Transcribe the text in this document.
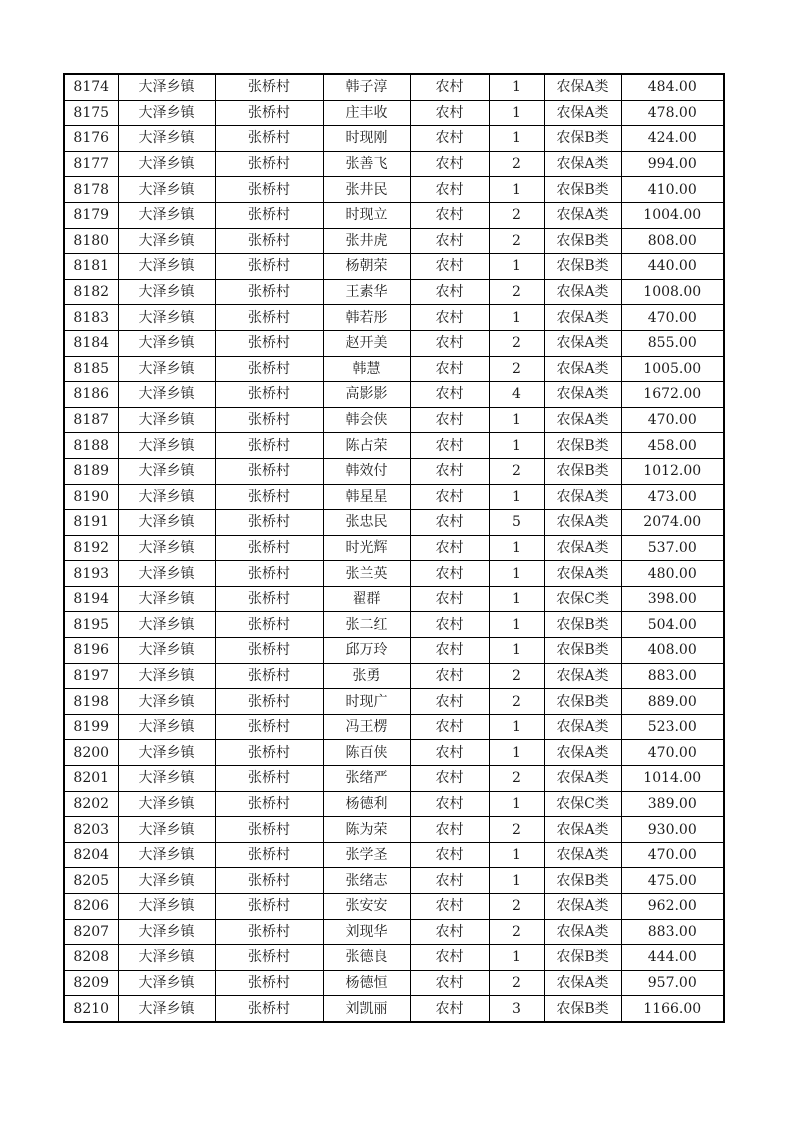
8174	大泽乡镇	张桥村	韩子淳	农村	1	农保A类	484.00
8175	大泽乡镇	张桥村	庄丰收	农村	1	农保A类	478.00
8176	大泽乡镇	张桥村	时现刚	农村	1	农保B类	424.00
8177	大泽乡镇	张桥村	张善飞	农村	2	农保A类	994.00
8178	大泽乡镇	张桥村	张井民	农村	1	农保B类	410.00
8179	大泽乡镇	张桥村	时现立	农村	2	农保A类	1004.00
8180	大泽乡镇	张桥村	张井虎	农村	2	农保B类	808.00
8181	大泽乡镇	张桥村	杨朝荣	农村	1	农保B类	440.00
8182	大泽乡镇	张桥村	王素华	农村	2	农保A类	1008.00
8183	大泽乡镇	张桥村	韩若彤	农村	1	农保A类	470.00
8184	大泽乡镇	张桥村	赵开美	农村	2	农保A类	855.00
8185	大泽乡镇	张桥村	韩慧	农村	2	农保A类	1005.00
8186	大泽乡镇	张桥村	高影影	农村	4	农保A类	1672.00
8187	大泽乡镇	张桥村	韩会侠	农村	1	农保A类	470.00
8188	大泽乡镇	张桥村	陈占荣	农村	1	农保B类	458.00
8189	大泽乡镇	张桥村	韩效付	农村	2	农保B类	1012.00
8190	大泽乡镇	张桥村	韩星星	农村	1	农保A类	473.00
8191	大泽乡镇	张桥村	张忠民	农村	5	农保A类	2074.00
8192	大泽乡镇	张桥村	时光辉	农村	1	农保A类	537.00
8193	大泽乡镇	张桥村	张兰英	农村	1	农保A类	480.00
8194	大泽乡镇	张桥村	翟群	农村	1	农保C类	398.00
8195	大泽乡镇	张桥村	张二红	农村	1	农保B类	504.00
8196	大泽乡镇	张桥村	邱万玲	农村	1	农保B类	408.00
8197	大泽乡镇	张桥村	张勇	农村	2	农保A类	883.00
8198	大泽乡镇	张桥村	时现广	农村	2	农保B类	889.00
8199	大泽乡镇	张桥村	冯王楞	农村	1	农保A类	523.00
8200	大泽乡镇	张桥村	陈百侠	农村	1	农保A类	470.00
8201	大泽乡镇	张桥村	张绪严	农村	2	农保A类	1014.00
8202	大泽乡镇	张桥村	杨德利	农村	1	农保C类	389.00
8203	大泽乡镇	张桥村	陈为荣	农村	2	农保A类	930.00
8204	大泽乡镇	张桥村	张学圣	农村	1	农保A类	470.00
8205	大泽乡镇	张桥村	张绪志	农村	1	农保B类	475.00
8206	大泽乡镇	张桥村	张安安	农村	2	农保A类	962.00
8207	大泽乡镇	张桥村	刘现华	农村	2	农保A类	883.00
8208	大泽乡镇	张桥村	张德良	农村	1	农保B类	444.00
8209	大泽乡镇	张桥村	杨德恒	农村	2	农保A类	957.00
8210	大泽乡镇	张桥村	刘凯丽	农村	3	农保B类	1166.00
